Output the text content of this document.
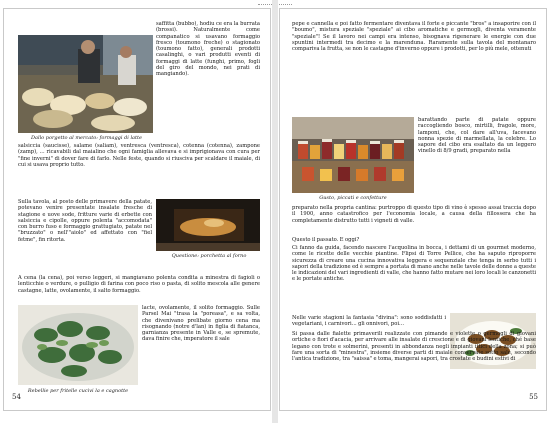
Dallo porgetto al mercato: formaggi di latte
saffitta (bubbo), hodiu ce era la burrata (brossi). Naturalmente come companatico si usavano formaggio fresco (toumono freche) o stagionato (toumono fatto), generali prodotti casalinghi, o vari produtti eventi di formaggi di latte (funghi, primo, fogli del giro del mondo, nei prati di mangiando).
salsiccia (saucisse), salame (saliam), ventresca (ventresca), cotenna (cotenna), zampone (zamp), ... ricavabili dal maialino che ogni famiglia allevava e si imprigionava con cura per "fine inverni" di dover fare di farlo. Nelle feste, quando si riusciva per scaldare il maiale, di cui si usava proprio tutto.
Sulla tavola, al posto delle primavere della patate, potevano venire presentate insalate fresche di stagione e uove sode, fritture varie di erbette con salsiccia e cipolle, oppure polenta "accomodata" con burro fuso e formaggio grattugiato, patate nel "bruzzato" o nell'"aiolo" ed affettato con "fiel fetme", fin ritorta.
Questione: porchetta al forno
A cena (la cena), poi verso leggeri, si mangiavano polenta condita a minestra di fagioli o lenticchie o verdure, o pulligio di farina con poco riso o pasta, di solito mescola alle genere castagne, latte, ovolamente, il salto formaggio.
lacte, ovolamente, il solito formaggio. Sulle Parsel Mai "trasa la "poreasa", e sa volta, che divenivano prelibate giorno cena ma risognando (notre d'lan) in figlia di fiatanca, garnianza presente in Valle e, se spremute, dava finire che, imperatore il sale
Rebellie per fritelle cucivi la e cagnotte
54
pepe e cannella e poi fatto fermentare diventava il forte e piccante "bros" a insaporire con il "boumo", mistura speziale "speziale" ai cibo aromatiche e germogli, diventa veramente "speziale"! Se il lavoro nei campi era intenso, bisognava rigenerare le energie con due spuntini intermedi tra decimo e la marenduna. Raramente sulla tavola del montanaro compariva la frutta, se non le castagne d'inverno oppure i prodotti, per lo più mele, ottenuti
Gusto, piccati e confetture
barattando parte di patate oppure raccogliendo bosco, mirtilli, fragole, more, lamponi, che, col dare all'uva, facevano nonna spezie di marmellata, la celebre. Lo sapore del cibo era esaltato da un leggero vinello di 8/9 gradi, preparato nella
preparato nella propria cantina: purtroppo di questo tipo di vino è spesso assai traccia dopo il 1900, anno catastrofico per l'economia locale, a causa della fillossera che ha completamente distrutto tutti i vigneti di valle.
Questo il passato. E oggi?
Ci fanno da guida, facendo nascere l'acquolina in bocca, i dettami di un gourmet moderno, come le ricette delle vecchie piantine. Flipsi di Torre Pellice, che ha saputo riproporre sicurezza di creare una cucina innovativa leggera e sequenziale che tenga in serbo tutti i sapori della tradizione ed è sempre a portata di mano anche nelle tavole delle donne a queste le indicazioni del vari ingredienti di valle, che hanno fatto mutare nei loro locali le canzonetti e le portate antiche.
Nelle varie stagioni la fantasia "divina": sono soddisfatti i vegetariani, i carnivori... gli onnivori, poi...
Si passa dalle fialette primaverili realizzate con pimande e violette o germogli di giovani ortiche o fiori d'acacia, per arrivare alle insalate di crescione e di giovani lentiche, ché base legano con trote e solmerini, presenti in abbondanza negli impianti ittici della zona; si può fare una sorta di "minestra", insieme diverse parti di maiale conservate sotto sale, secondo l'antica tradizione, tra "saissa" e toma, mangerai sapori, tra crostate e budini estivi di
55
